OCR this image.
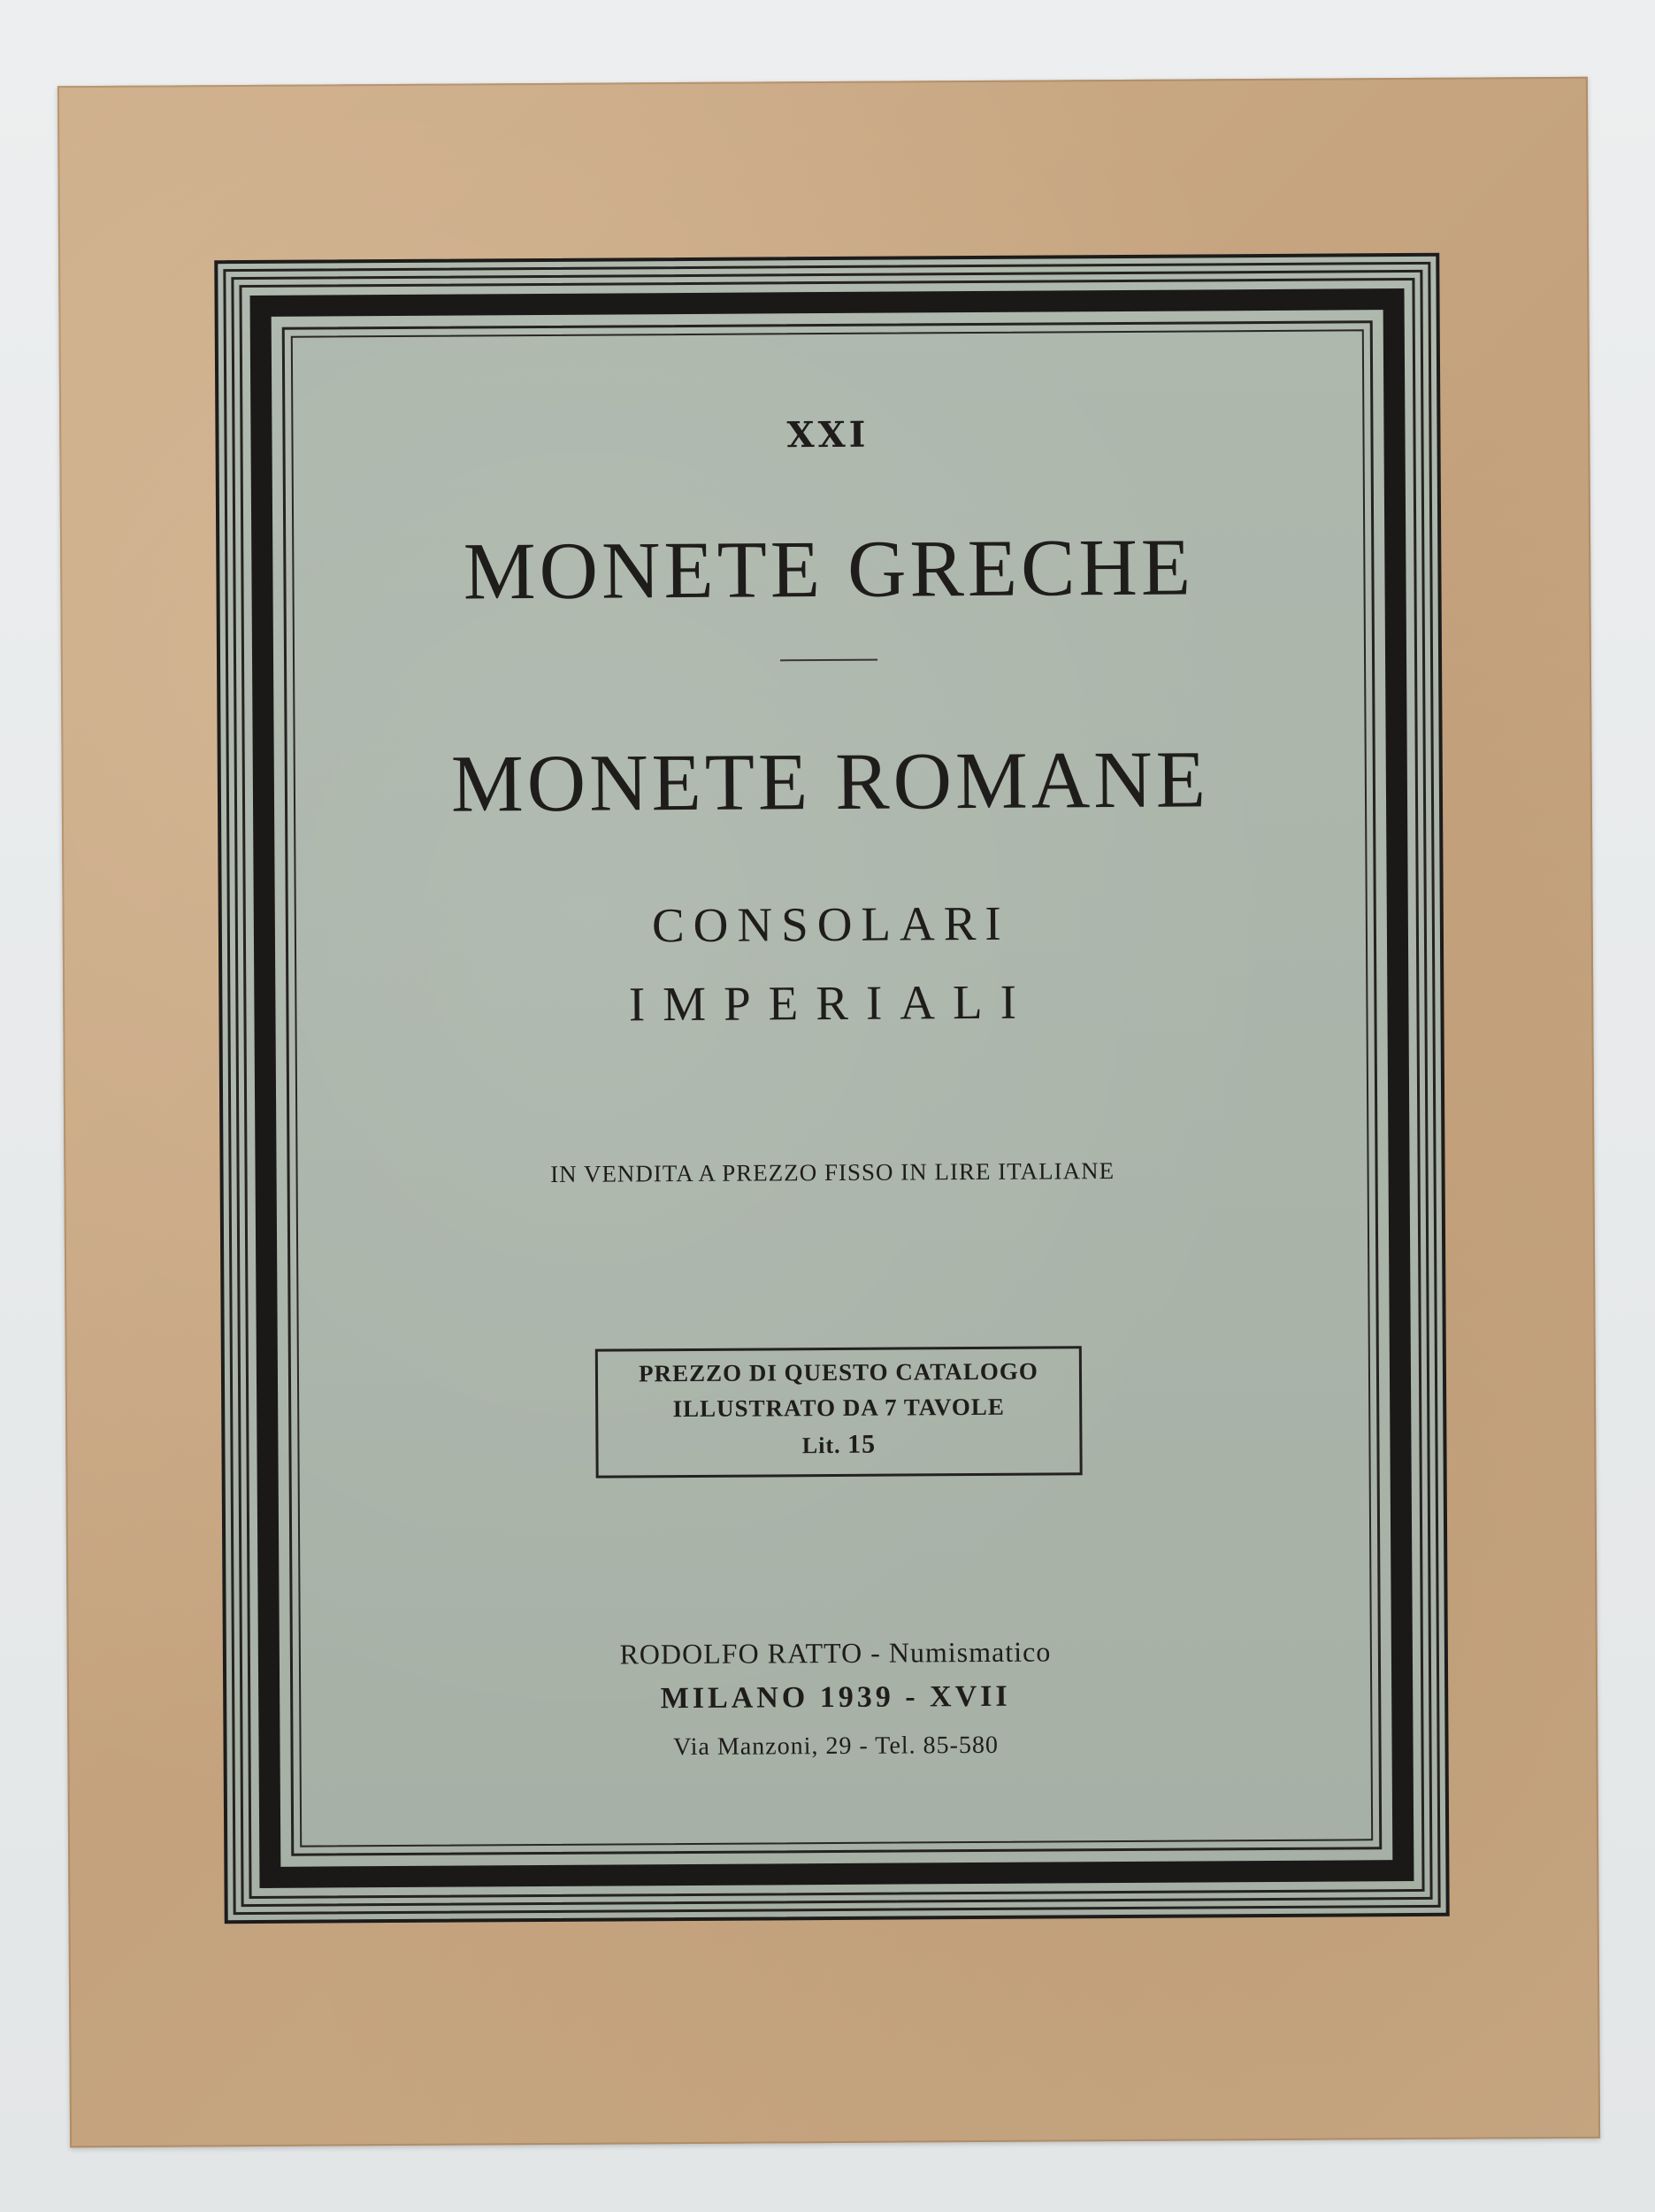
XXI

MONETE GRECHE

MONETE ROMANE

CONSOLARI

IMPERIALI

IN VENDITA A PREZZO FISSO IN LIRE ITALIANE

PREZZO DI QUESTO CATALOGO

ILLUSTRATO DA 7 TAVOLE

Lit. 15

RODOLFO RATTO - Numismatico

MILANO 1939 - XVII

Via Manzoni, 29 - Tel. 85-580
